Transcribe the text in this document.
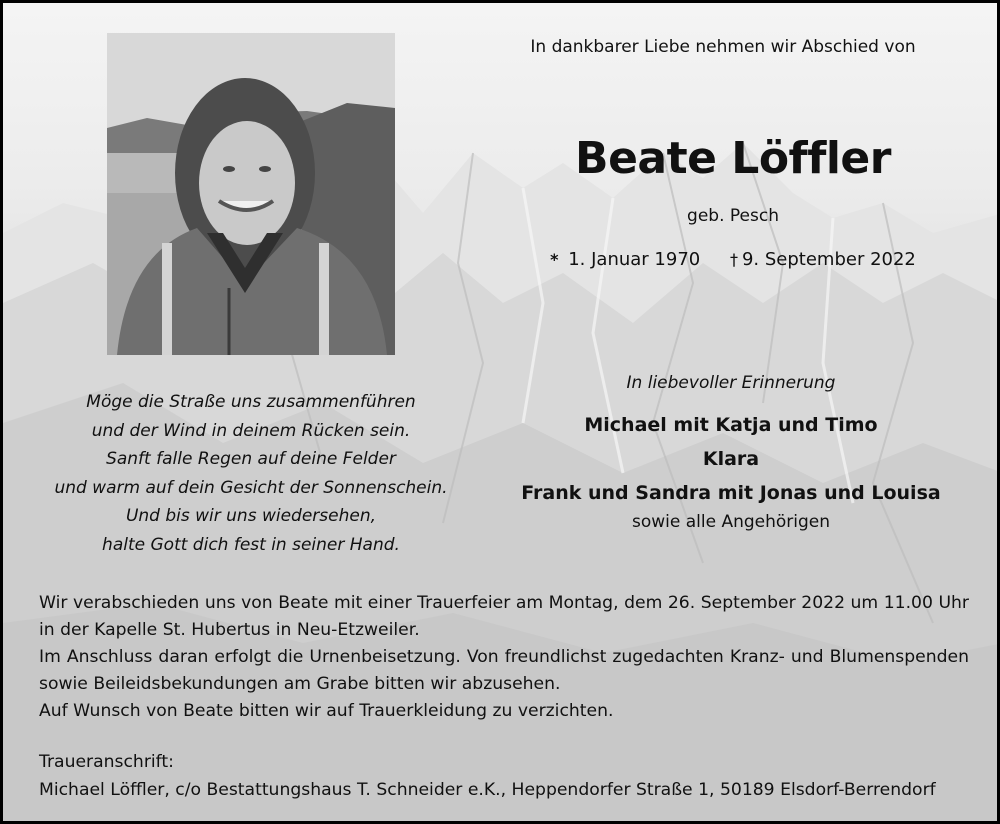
In dankbarer Liebe nehmen wir Abschied von
Beate Löffler
geb. Pesch
* 1. Januar 1970 † 9. September 2022
Möge die Straße uns zusammenführen
und der Wind in deinem Rücken sein.
Sanft falle Regen auf deine Felder
und warm auf dein Gesicht der Sonnenschein.
Und bis wir uns wiedersehen,
halte Gott dich fest in seiner Hand.
In liebevoller Erinnerung
Michael mit Katja und Timo
Klara
Frank und Sandra mit Jonas und Louisa
sowie alle Angehörigen

Wir verabschieden uns von Beate mit einer Trauerfeier am Montag, dem 26. September 2022 um 11.00 Uhr in der Kapelle St. Hubertus in Neu-Etzweiler.

Im Anschluss daran erfolgt die Urnenbeisetzung. Von freundlichst zugedachten Kranz- und Blumenspenden sowie Beileidsbekundungen am Grabe bitten wir abzusehen.

Auf Wunsch von Beate bitten wir auf Trauerkleidung zu verzichten.

Traueranschrift:
Michael Löffler, c/o Bestattungshaus T. Schneider e.K., Heppendorfer Straße 1, 50189 Elsdorf-Berrendorf
